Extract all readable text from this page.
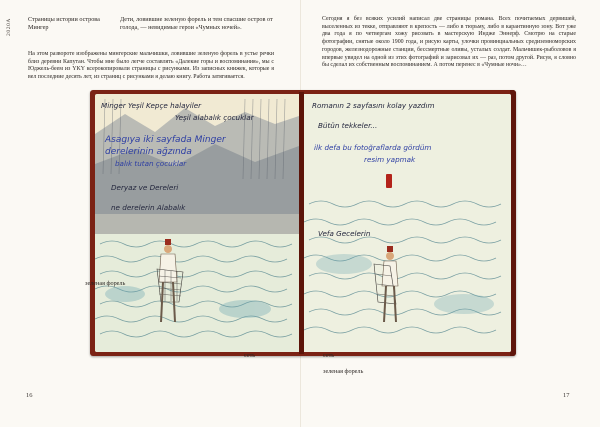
2020А	Страницы истории острова Мингер
Дети, ловившие зеленую форель и тем спасшие остров от голода, — невидимые герои «Чумных ночей».
На этом развороте изображены мингерские мальчишки, ловившие зеленую форель в устье речки близ деревни Капутан. Чтобы мне было легче составлять «Далекие горы и воспоминания», мы с Юджель-беем из YKY ксерокопировали страницы с рисунками. Из записных книжек, которые я вел последние десять лет, из страниц с рисунками я делаю книгу. Работа затягивается.
Сегодня я без всяких усилий написал две страницы романа. Всех почитаемых дервишей, выселенных из текке, отправляют в крепость — либо в тюрьму, либо в карантинную зону. Вот уже два года я по четвергам хожу рисовать в мастерскую Индже Эннерф. Смотрю на старые фотографии, снятые около 1900 года, и рисую карты, улочки провинциальных средиземноморских городов, железнодорожные станции, бессмертные оливы, усталых солдат. Мальчишек-рыболовов я впервые увидел на одной из этих фотографий и зарисовал их — раз, потом другой. Рисуя, я словно бы сделал их собственным воспоминанием. А потом перенес в «Чумные ночи»…
Minger Yeşil Kepçe halayiler
Yeşil alabalık çocuklar
Asagıya iki sayfada Minger
derelerinin ağzında
balık tutan çocuklar
Deryaz ve Dereleri
ne derelerin Alabalık
Romanın 2 sayfasını kolay yazdım
Bütün tekkeler...
ilk defa bu fotoğraflarda gördüm
resim yapmak
Vefa Gecelerin
зеленая форель
сеть	сеть
зеленая форель
16	17
